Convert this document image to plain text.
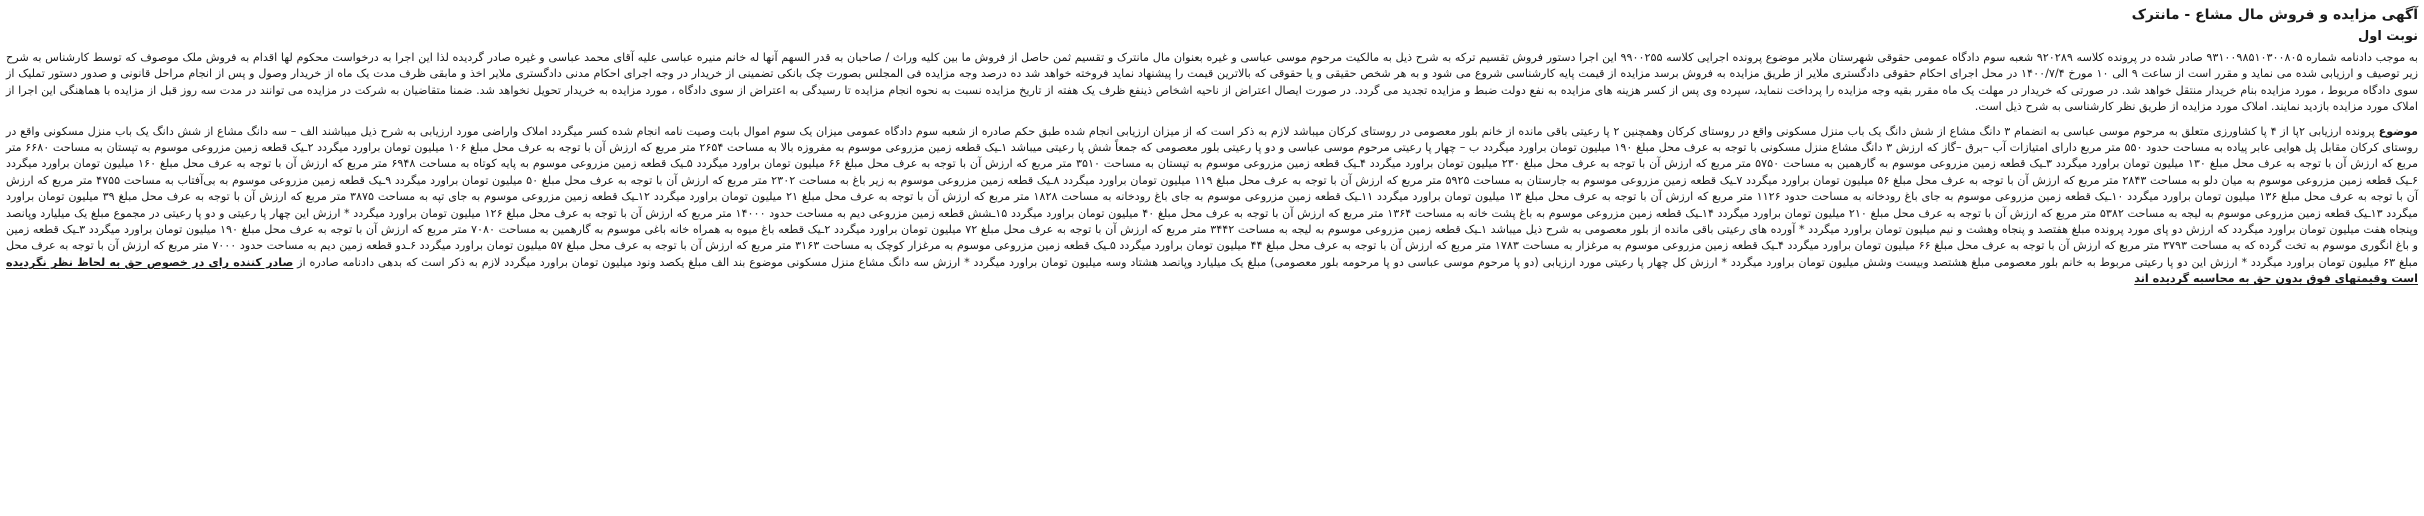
آگهی مزایده و فروش مال مشاع - مانترک
نوبت اول

به موجب دادنامه شماره ۹۳۱۰۰۹۸۵۱۰۳۰۰۸۰۵ صادر شده در پرونده کلاسه ۹۲۰۲۸۹ شعبه سوم دادگاه عمومی حقوقی شهرستان ملایر موضوع پرونده اجرایی کلاسه ۹۹۰۰۲۵۵ این اجرا دستور فروش تقسیم ترکه به شرح ذیل به مالکیت مرحوم موسی عباسی و غیره بعنوان مال مانترک و تقسیم ثمن حاصل از فروش ما بین کلیه وراث / صاحبان به قدر السهم آنها له خانم منیره عباسی علیه آقای محمد عباسی و غیره صادر گردیده لذا این اجرا به درخواست محکوم لها اقدام به فروش ملک موصوف که توسط کارشناس به شرح زیر توصیف و ارزیابی شده می نماید و مقرر است از ساعت ۹ الی ۱۰ مورخ ۱۴۰۰/۷/۴ در محل اجرای احکام حقوقی دادگستری ملایر از طریق مزایده به فروش برسد مزایده از قیمت پایه کارشناسی شروع می شود و به هر شخص حقیقی و یا حقوقی که بالاترین قیمت را پیشنهاد نماید فروخته خواهد شد ده درصد وجه مزایده فی المجلس بصورت چک بانکی تضمینی از خریدار در وجه اجرای احکام مدنی دادگستری ملایر اخذ و مابقی ظرف مدت یک ماه از خریدار وصول و پس از انجام مراحل قانونی و صدور دستور تملیک از سوی دادگاه مربوط ، مورد مزایده بنام خریدار منتقل خواهد شد. در صورتی که خریدار در مهلت یک ماه مقرر بقیه وجه مزایده را پرداخت ننماید، سپرده وی پس از کسر هزینه های مزایده به نفع دولت ضبط و مزایده تجدید می گردد. در صورت ایصال اعتراض از ناحیه اشخاص ذینفع ظرف یک هفته از تاریخ مزایده نسبت به نحوه انجام مزایده تا رسیدگی به اعتراض از سوی دادگاه ، مورد مزایده به خریدار تحویل نخواهد شد. ضمنا متقاضیان به شرکت در مزایده می توانند در مدت سه روز قبل از مزایده با هماهنگی این اجرا از املاک مورد مزایده بازدید نمایند. املاک مورد مزایده از طریق نظر کارشناسی به شرح ذیل است.

موضوع پرونده ارزیابی ۲پا از ۴ پا کشاورزی متعلق به مرحوم موسی عباسی به انضمام ۳ دانگ مشاع از شش دانگ یک باب منزل مسکونی واقع در روستای کرکان وهمچنین ۲ پا رعیتی باقی مانده از خانم بلور معصومی در روستای کرکان میباشد لازم به ذکر است که از میزان ارزیابی انجام شده طبق حکم صادره از شعبه سوم دادگاه عمومی میزان یک سوم اموال بابت وصیت نامه انجام شده کسر میگردد املاک واراضی مورد ارزیابی به شرح ذیل میباشند الف – سه دانگ مشاع از شش دانگ یک باب منزل مسکونی واقع در روستای کرکان مقابل پل هوایی عابر پیاده به مساحت حدود ۵۵۰ متر مربع دارای امتیازات آب –برق –گاز که ارزش ۳ دانگ مشاع منزل مسکونی با توجه به عرف محل مبلغ ۱۹۰ میلیون تومان براورد میگردد ب – چهار پا رعیتی مرحوم موسی عباسی و دو پا رعیتی بلور معصومی که جمعاً شش پا رعیتی میباشد ۱ـیک قطعه زمین مزروعی موسوم به مفروزه بالا به مساحت ۲۶۵۴ متر مربع که ارزش آن با توجه به عرف محل مبلغ ۱۰۶ میلیون تومان براورد میگردد ۲ـیک قطعه زمین مزروعی موسوم به تپستان به مساحت ۶۶۸۰ متر مربع که ارزش آن با توجه به عرف محل مبلغ ۱۳۰ میلیون تومان براورد میگردد ۳ـیک قطعه زمین مزروعی موسوم به گارهمین به مساحت ۵۷۵۰ متر مربع که ارزش آن با توجه به عرف محل مبلغ ۲۳۰ میلیون تومان براورد میگردد ۴ـیک قطعه زمین مزروعی موسوم به تپستان به مساحت ۳۵۱۰ متر مربع که ارزش آن با توجه به عرف محل مبلغ ۶۶ میلیون تومان براورد میگردد ۵ـیک قطعه زمین مزروعی موسوم به پایه کوتاه به مساحت ۶۹۴۸ متر مربع که ارزش آن با توجه به عرف محل مبلغ ۱۶۰ میلیون تومان براورد میگردد ۶ـیک قطعه زمین مزروعی موسوم به میان دلو به مساحت ۲۸۴۳ متر مربع که ارزش آن با توجه به عرف محل مبلغ ۵۶ میلیون تومان براورد میگردد ۷ـیک قطعه زمین مزروعی موسوم به جارستان به مساحت ۵۹۲۵ متر مربع که ارزش آن با توجه به عرف محل مبلغ ۱۱۹ میلیون تومان براورد میگردد ۸ـیک قطعه زمین مزروعی موسوم به زیر باغ به مساحت ۲۳۰۲ متر مربع که ارزش آن با توجه به عرف محل مبلغ ۵۰ میلیون تومان براورد میگردد ۹ـیک قطعه زمین مزروعی موسوم به بی‌آفتاب به مساحت ۴۷۵۵ متر مربع که ارزش آن با توجه به عرف محل مبلغ ۱۳۶ میلیون تومان براورد میگردد ۱۰ـیک قطعه زمین مزروعی موسوم به جای باغ رودخانه به مساحت حدود ۱۱۲۶ متر مربع که ارزش آن با توجه به عرف محل مبلغ ۱۳ میلیون تومان براورد میگردد ۱۱ـیک قطعه زمین مزروعی موسوم به جای باغ رودخانه به مساحت ۱۸۲۸ متر مربع که ارزش آن با توجه به عرف محل مبلغ ۲۱ میلیون تومان براورد میگردد ۱۲ـیک قطعه زمین مزروعی موسوم به جای تپه به مساحت ۳۸۷۵ متر مربع که ارزش آن با توجه به عرف محل مبلغ ۳۹ میلیون تومان براورد میگردد ۱۳ـیک قطعه زمین مزروعی موسوم به لیجه به مساحت ۵۳۸۲ متر مربع که ارزش آن با توجه به عرف محل مبلغ ۲۱۰ میلیون تومان براورد میگردد ۱۴ـیک قطعه زمین مزروعی موسوم به باغ پشت خانه به مساحت ۱۳۶۴ متر مربع که ارزش آن با توجه به عرف محل مبلغ ۴۰ میلیون تومان براورد میگردد ۱۵ـشش قطعه زمین مزروعی دیم به مساحت حدود ۱۴۰۰۰ متر مربع که ارزش آن با توجه به عرف محل مبلغ ۱۲۶ میلیون تومان براورد میگردد * ارزش این چهار پا رعیتی و دو پا رعیتی در مجموع مبلغ یک میلیارد وپانصد وپنجاه هفت میلیون تومان براورد میگردد که ارزش دو پای مورد پرونده مبلغ هفتصد و پنجاه وهشت و نیم میلیون تومان براورد میگردد * آورده های رعیتی باقی مانده از بلور معصومی به شرح ذیل میباشد ۱ـیک قطعه زمین مزروعی موسوم به لیجه به مساحت ۳۴۴۲ متر مربع که ارزش آن با توجه به عرف محل مبلغ ۷۲ میلیون تومان براورد میگردد ۲ـیک قطعه باغ میوه به همراه خانه باغی موسوم به گارهمین به مساحت ۷۰۸۰ متر مربع که ارزش آن با توجه به عرف محل مبلغ ۱۹۰ میلیون تومان براورد میگردد ۳ـیک قطعه زمین و باغ انگوری موسوم به تخت گرده که به مساحت ۳۷۹۳ متر مربع که ارزش آن با توجه به عرف محل مبلغ ۶۶ میلیون تومان براورد میگردد ۴ـیک قطعه زمین مزروعی موسوم به مرغزار به مساحت ۱۷۸۳ متر مربع که ارزش آن با توجه به عرف محل مبلغ ۴۴ میلیون تومان براورد میگردد ۵ـیک قطعه زمین مزروعی موسوم به مرغزار کوچک به مساحت ۳۱۶۳ متر مربع که ارزش آن با توجه به عرف محل مبلغ ۵۷ میلیون تومان براورد میگردد ۶ـدو قطعه زمین دیم به مساحت حدود ۷۰۰۰ متر مربع که ارزش آن با توجه به عرف محل مبلغ ۶۳ میلیون تومان براورد میگردد * ارزش این دو پا رعیتی مربوط به خانم بلور معصومی مبلغ هشتصد وبیست وشش میلیون تومان براورد میگردد * ارزش کل چهار پا رعیتی مورد ارزیابی (دو پا مرحوم موسی عباسی دو پا مرحومه بلور معصومی) مبلغ یک میلیارد وپانصد هشتاد وسه میلیون تومان براورد میگردد * ارزش سه دانگ مشاع منزل مسکونی موضوع بند الف مبلغ یکصد ونود میلیون تومان براورد میگردد لازم به ذکر است که بدهی دادنامه صادره از صادر کننده رای در خصوص حق به لحاظ نظر نگردیده است وقیمتهای فوق بدون حق به محاسبه گردیده اند
